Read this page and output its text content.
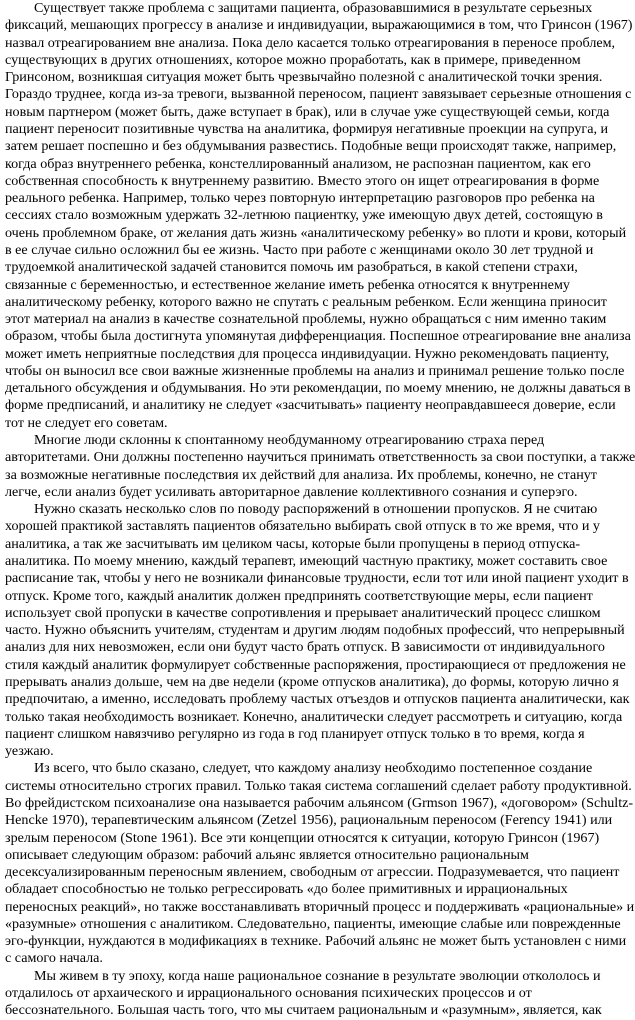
Существует также проблема с защитами пациента, образовавшимися в результате серьезных
фиксаций, мешающих прогрессу в анализе и индивидуации, выражающимися в том, что Гринсон (1967)
назвал отреагированием вне анализа. Пока дело касается только отреагирования в переносе проблем,
существующих в других отношениях, которое можно проработать, как в примере, приведенном
Гринсоном, возникшая ситуация может быть чрезвычайно полезной с аналитической точки зрения.
Гораздо труднее, когда из-за тревоги, вызванной переносом, пациент завязывает серьезные отношения с
новым партнером (может быть, даже вступает в брак), или в случае уже существующей семьи, когда
пациент переносит позитивные чувства на аналитика, формируя негативные проекции на супруга, и
затем решает поспешно и без обдумывания развестись. Подобные вещи происходят также, например,
когда образ внутреннего ребенка, констеллированный анализом, не распознан пациентом, как его
собственная способность к внутреннему развитию. Вместо этого он ищет отреагирования в форме
реального ребенка. Например, только через повторную интерпретацию разговоров про ребенка на
сессиях стало возможным удержать 32-летнюю пациентку, уже имеющую двух детей, состоящую в
очень проблемном браке, от желания дать жизнь «аналитическому ребенку» во плоти и крови, который
в ее случае сильно осложнил бы ее жизнь. Часто при работе с женщинами около 30 лет трудной и
трудоемкой аналитической задачей становится помочь им разобраться, в какой степени страхи,
связанные с беременностью, и естественное желание иметь ребенка относятся к внутреннему
аналитическому ребенку, которого важно не спутать с реальным ребенком. Если женщина приносит
этот материал на анализ в качестве сознательной проблемы, нужно обращаться с ним именно таким
образом, чтобы была достигнута упомянутая дифференциация. Поспешное отреагирование вне анализа
может иметь неприятные последствия для процесса индивидуации. Нужно рекомендовать пациенту,
чтобы он выносил все свои важные жизненные проблемы на анализ и принимал решение только после
детального обсуждения и обдумывания. Но эти рекомендации, по моему мнению, не должны даваться в
форме предписаний, и аналитику не следует «засчитывать» пациенту неоправдавшееся доверие, если
тот не следует его советам.

Многие люди склонны к спонтанному необдуманному отреагированию страха перед
авторитетами. Они должны постепенно научиться принимать ответственность за свои поступки, а также
за возможные негативные последствия их действий для анализа. Их проблемы, конечно, не станут
легче, если анализ будет усиливать авторитарное давление коллективного сознания и суперэго.

Нужно сказать несколько слов по поводу распоряжений в отношении пропусков. Я не считаю
хорошей практикой заставлять пациентов обязательно выбирать свой отпуск в то же время, что и у
аналитика, а так же засчитывать им целиком часы, которые были пропущены в период отпуска-
аналитика. По моему мнению, каждый терапевт, имеющий частную практику, может составить свое
расписание так, чтобы у него не возникали финансовые трудности, если тот или иной пациент уходит в
отпуск. Кроме того, каждый аналитик должен предпринять соответствующие меры, если пациент
использует свой пропуски в качестве сопротивления и прерывает аналитический процесс слишком
часто. Нужно объяснить учителям, студентам и другим людям подобных профессий, что непрерывный
анализ для них невозможен, если они будут часто брать отпуск. В зависимости от индивидуального
стиля каждый аналитик формулирует собственные распоряжения, простирающиеся от предложения не
прерывать анализ дольше, чем на две недели (кроме отпусков аналитика), до формы, которую лично я
предпочитаю, а именно, исследовать проблему частых отъездов и отпусков пациента аналитически, как
только такая необходимость возникает. Конечно, аналитически следует рассмотреть и ситуацию, когда
пациент слишком навязчиво регулярно из года в год планирует отпуск только в то время, когда я
уезжаю.

Из всего, что было сказано, следует, что каждому анализу необходимо постепенное создание
системы относительно строгих правил. Только такая система соглашений сделает работу продуктивной.
Во фрейдистском психоанализе она называется рабочим альянсом (Grmson 1967), «договором» (Schultz-
Hencke 1970), терапевтическим альянсом (Zetzel 1956), рациональным переносом (Ferency 1941) или
зрелым переносом (Stone 1961). Все эти концепции относятся к ситуации, которую Гринсон (1967)
описывает следующим образом: рабочий альянс является относительно рациональным
десексуализированным переносным явлением, свободным от агрессии. Подразумевается, что пациент
обладает способностью не только регрессировать «до более примитивных и иррациональных
переносных реакций», но также восстанавливать вторичный процесс и поддерживать «рациональные» и
«разумные» отношения с аналитиком. Следовательно, пациенты, имеющие слабые или поврежденные
эго-функции, нуждаются в модификациях в технике. Рабочий альянс не может быть установлен с ними
с самого начала.

Мы живем в ту эпоху, когда наше рациональное сознание в результате эволюции откололось и
отдалилось от архаического и иррационального основания психических процессов и от
бессознательного. Большая часть того, что мы считаем рациональным и «разумным», является, как
